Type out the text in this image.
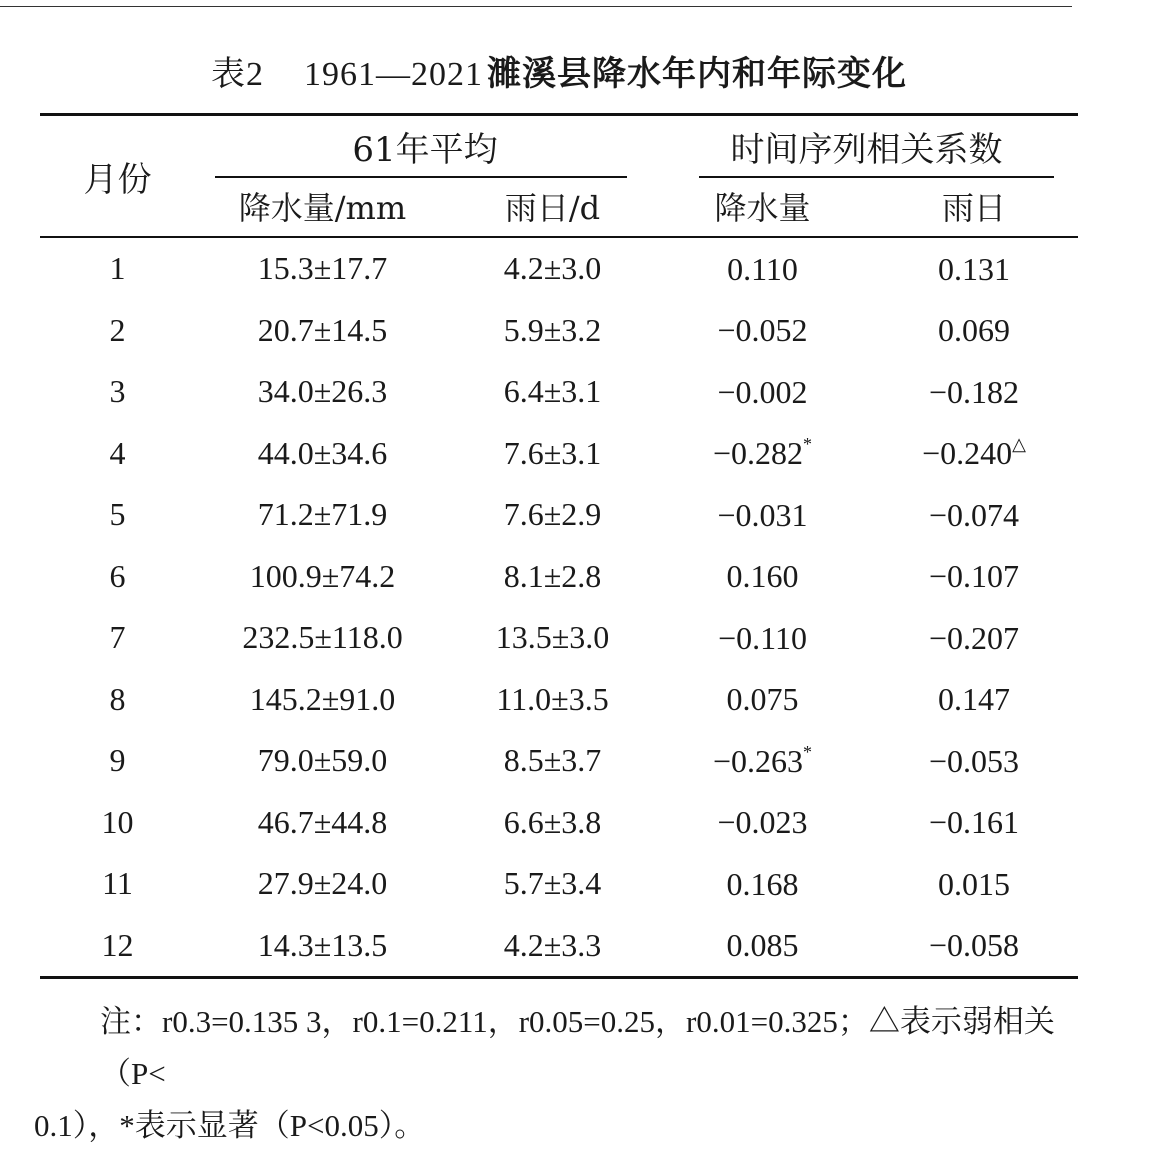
表2 1961—2021 濉溪县降水年内和年际变化
月份	61年平均		时间序列相关系数	

	降水量/mm	雨日/d	降水量	雨日
1	15.3±17.7	4.2±3.0	0.110	0.131
2	20.7±14.5	5.9±3.2	−0.052	0.069
3	34.0±26.3	6.4±3.1	−0.002	−0.182
4	44.0±34.6	7.6±3.1	−0.282*	−0.240△
5	71.2±71.9	7.6±2.9	−0.031	−0.074
6	100.9±74.2	8.1±2.8	0.160	−0.107
7	232.5±118.0	13.5±3.0	−0.110	−0.207
8	145.2±91.0	11.0±3.5	0.075	0.147
9	79.0±59.0	8.5±3.7	−0.263*	−0.053
10	46.7±44.8	6.6±3.8	−0.023	−0.161
11	27.9±24.0	5.7±3.4	0.168	0.015
12	14.3±13.5	4.2±3.3	0.085	−0.058
注：r0.3=0.135 3，r0.1=0.211，r0.05=0.25，r0.01=0.325；△表示弱相关（P<
0.1），*表示显著（P<0.05）。
